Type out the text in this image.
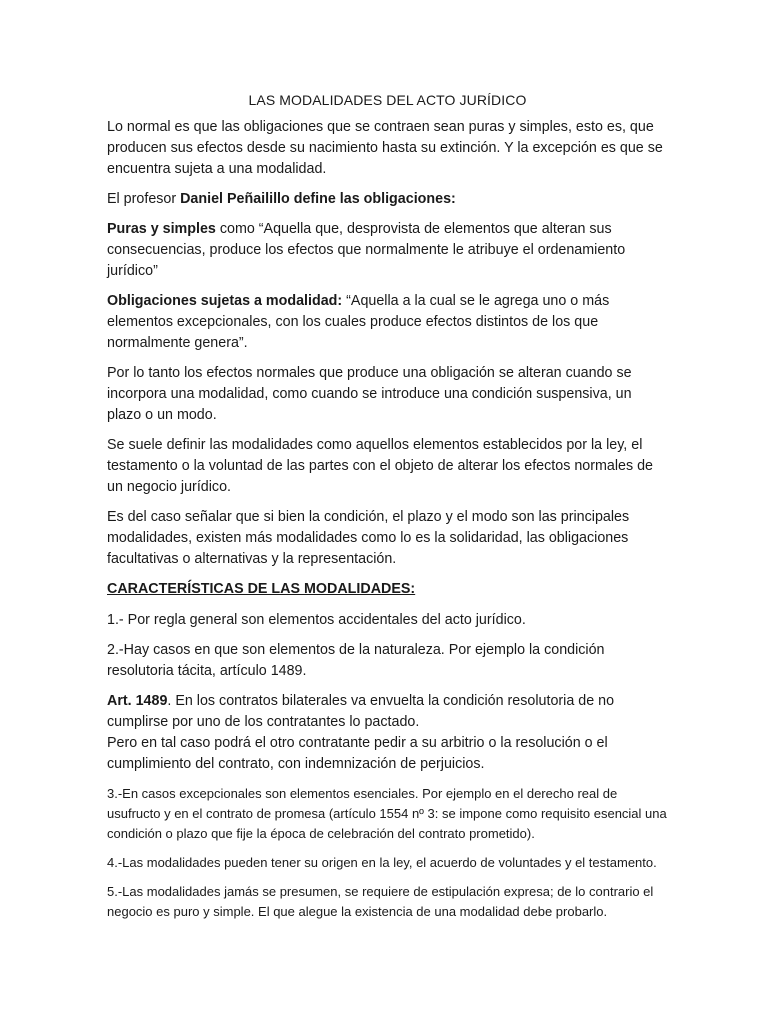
LAS MODALIDADES DEL ACTO JURÍDICO

Lo normal es que las obligaciones que se contraen sean puras y simples, esto es, que producen sus efectos desde su nacimiento hasta su extinción. Y la excepción es que se encuentra sujeta a una modalidad.

El profesor Daniel Peñailillo define las obligaciones:

Puras y simples como “Aquella que, desprovista de elementos que alteran sus consecuencias, produce los efectos que normalmente le atribuye el ordenamiento jurídico”

Obligaciones sujetas a modalidad: “Aquella a la cual se le agrega uno o más elementos excepcionales, con los cuales produce efectos distintos de los que normalmente genera”.

Por lo tanto los efectos normales que produce una obligación se alteran cuando se incorpora una modalidad, como cuando se introduce una condición suspensiva, un plazo o un modo.

Se suele definir las modalidades como aquellos elementos establecidos por la ley, el testamento o la voluntad de las partes con el objeto de alterar los efectos normales de un negocio jurídico.

Es del caso señalar que si bien la condición, el plazo y el modo son las principales modalidades, existen más modalidades como lo es la solidaridad, las obligaciones facultativas o alternativas y la representación.

CARACTERÍSTICAS DE LAS MODALIDADES:

1.- Por regla general son elementos accidentales del acto jurídico.

2.-Hay casos en que son elementos de la naturaleza. Por ejemplo la condición resolutoria tácita, artículo 1489.

Art. 1489. En los contratos bilaterales va envuelta la condición resolutoria de no cumplirse por uno de los contratantes lo pactado.
Pero en tal caso podrá el otro contratante pedir a su arbitrio o la resolución o el cumplimiento del contrato, con indemnización de perjuicios.

3.-En casos excepcionales son elementos esenciales. Por ejemplo en el derecho real de usufructo y en el contrato de promesa (artículo 1554 nº 3: se impone como requisito esencial una condición o plazo que fije la época de celebración del contrato prometido).

4.-Las modalidades pueden tener su origen en la ley, el acuerdo de voluntades y el testamento.

5.-Las modalidades jamás se presumen, se requiere de estipulación expresa; de lo contrario el negocio es puro y simple. El que alegue la existencia de una modalidad debe probarlo.
